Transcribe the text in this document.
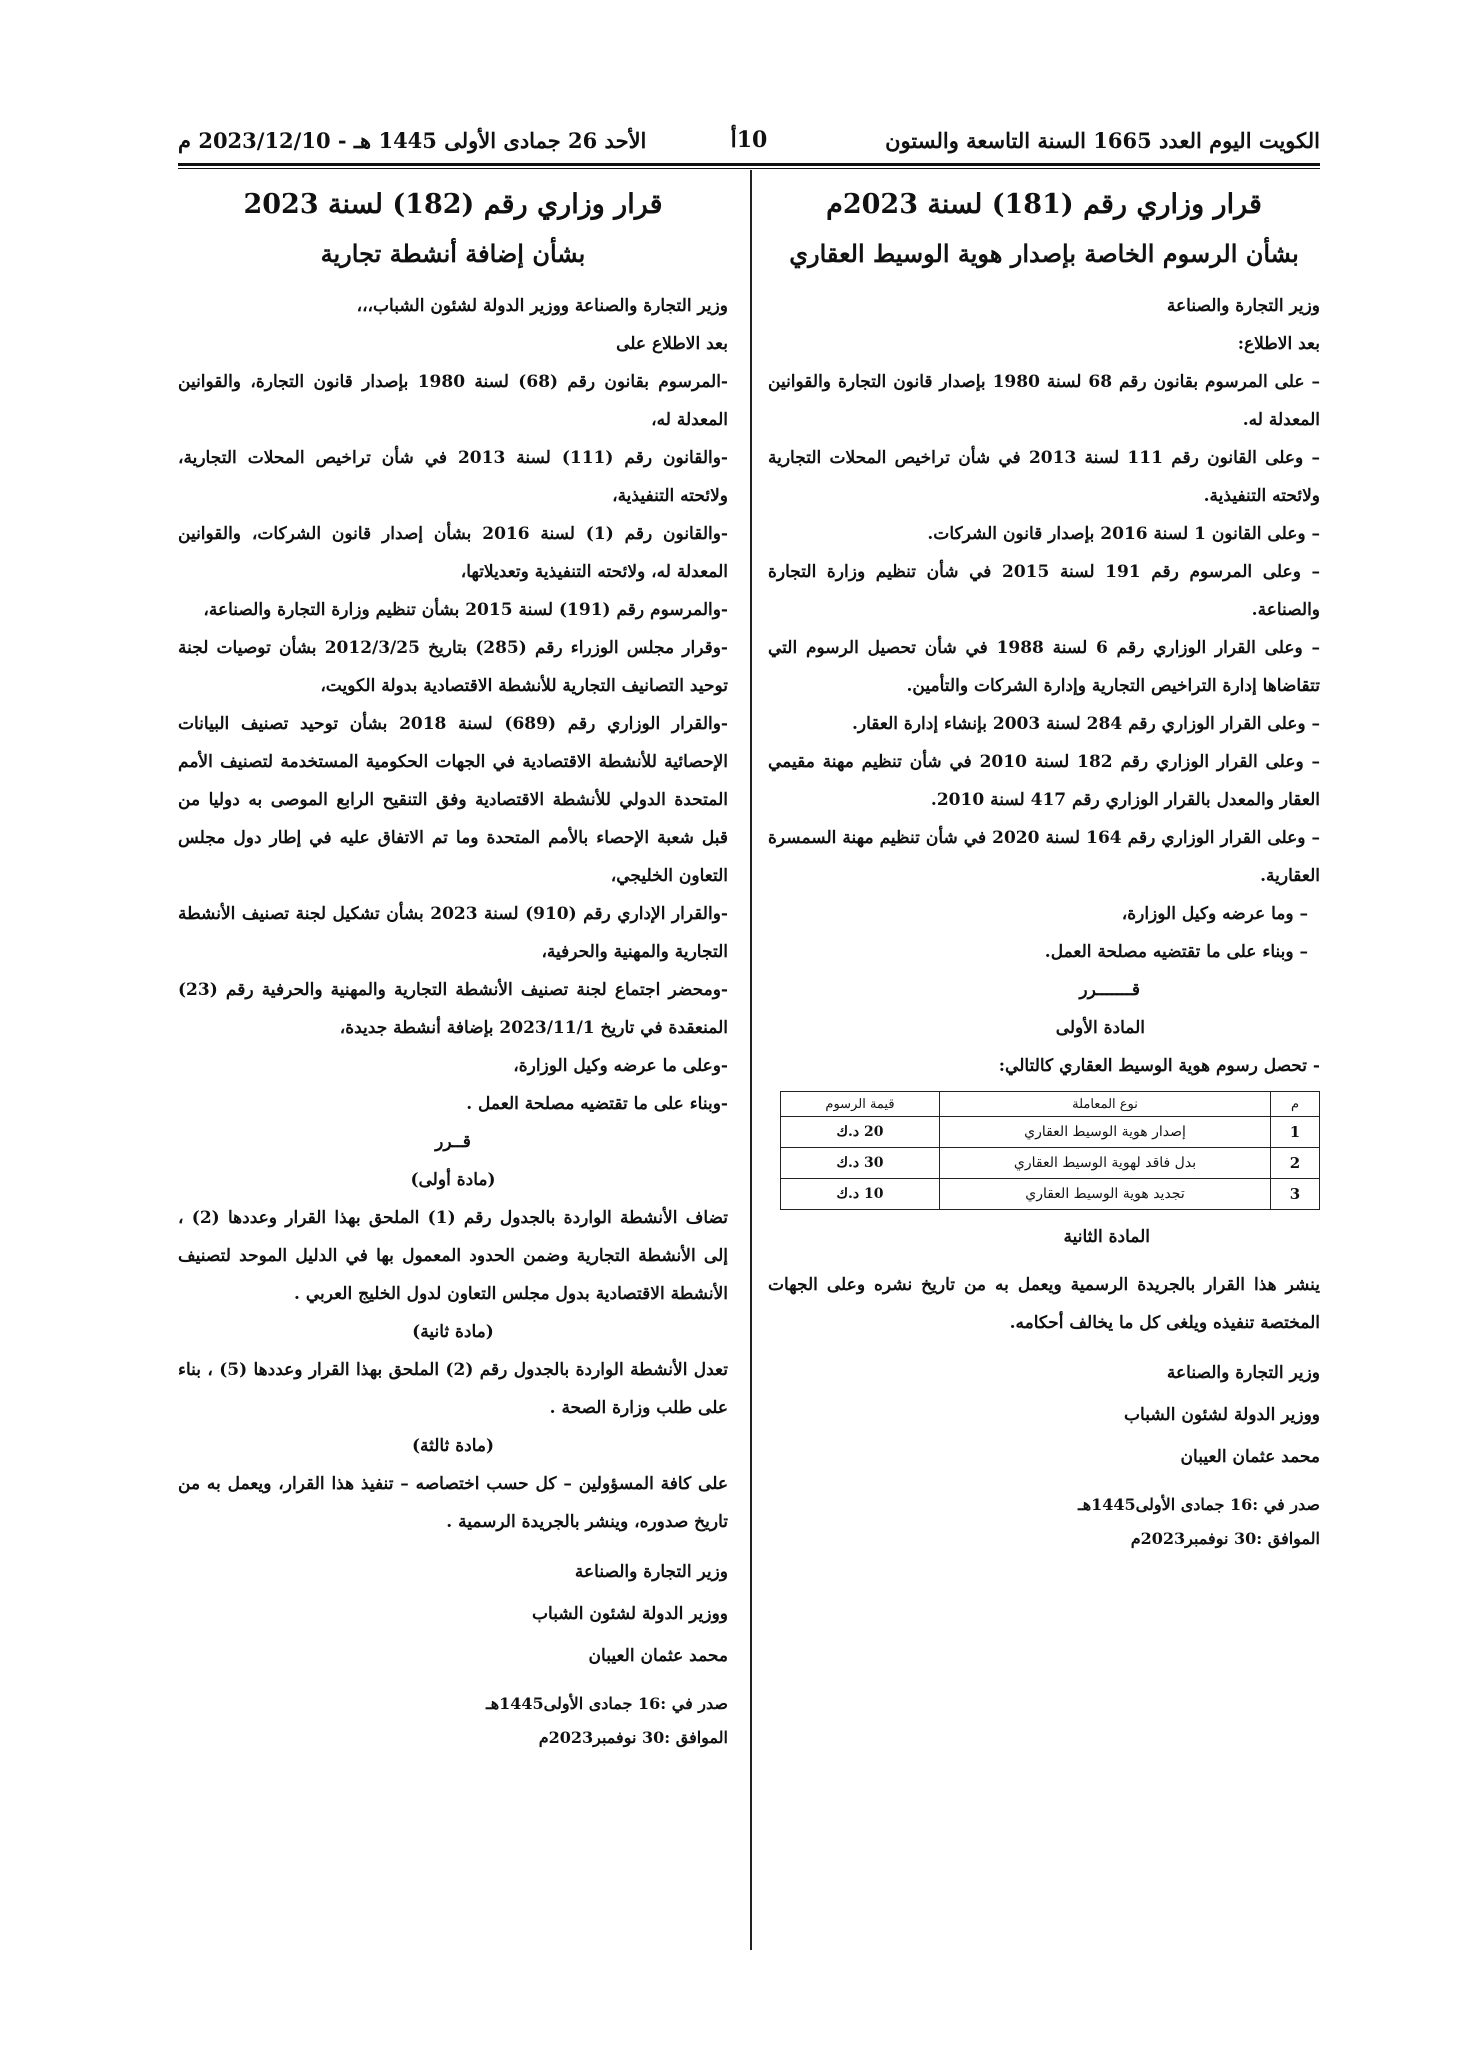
الكويت اليوم العدد 1665 السنة التاسعة والستون
10أ
الأحد 26 جمادى الأولى 1445 هـ - 2023/12/10 م
قرار وزاري رقم (181) لسنة 2023م
بشأن الرسوم الخاصة بإصدار هوية الوسيط العقاري

وزير التجارة والصناعة

بعد الاطلاع:

– على المرسوم بقانون رقم 68 لسنة 1980 بإصدار قانون التجارة والقوانين المعدلة له.

– وعلى القانون رقم 111 لسنة 2013 في شأن تراخيص المحلات التجارية ولائحته التنفيذية.

– وعلى القانون 1 لسنة 2016 بإصدار قانون الشركات.

– وعلى المرسوم رقم 191 لسنة 2015 في شأن تنظيم وزارة التجارة والصناعة.

– وعلى القرار الوزاري رقم 6 لسنة 1988 في شأن تحصيل الرسوم التي تتقاضاها إدارة التراخيص التجارية وإدارة الشركات والتأمين.

– وعلى القرار الوزاري رقم 284 لسنة 2003 بإنشاء إدارة العقار.

– وعلى القرار الوزاري رقم 182 لسنة 2010 في شأن تنظيم مهنة مقيمي العقار والمعدل بالقرار الوزاري رقم 417 لسنة 2010.

– وعلى القرار الوزاري رقم 164 لسنة 2020 في شأن تنظيم مهنة السمسرة العقارية.

– وما عرضه وكيل الوزارة،

– وبناء على ما تقتضيه مصلحة العمل.

قـــــــرر

المادة الأولى

- تحصل رسوم هوية الوسيط العقاري كالتالي:

م	نوع المعاملة	قيمة الرسوم
1	إصدار هوية الوسيط العقاري	20 د.ك
2	بدل فاقد لهوية الوسيط العقاري	30 د.ك
3	تجديد هوية الوسيط العقاري	10 د.ك

المادة الثانية

ينشر هذا القرار بالجريدة الرسمية ويعمل به من تاريخ نشره وعلى الجهات المختصة تنفيذه ويلغى كل ما يخالف أحكامه.

وزير التجارة والصناعة

ووزير الدولة لشئون الشباب

محمد عثمان العيبان

صدر في :16 جمادى الأولى1445هـ

الموافق :30 نوفمبر2023م

قرار وزاري رقم (182) لسنة 2023
بشأن إضافة أنشطة تجارية

وزير التجارة والصناعة ووزير الدولة لشئون الشباب،،،

بعد الاطلاع على

-المرسوم بقانون رقم (68) لسنة 1980 بإصدار قانون التجارة، والقوانين المعدلة له،

-والقانون رقم (111) لسنة 2013 في شأن تراخيص المحلات التجارية، ولائحته التنفيذية،

-والقانون رقم (1) لسنة 2016 بشأن إصدار قانون الشركات، والقوانين المعدلة له، ولائحته التنفيذية وتعديلاتها،

-والمرسوم رقم (191) لسنة 2015 بشأن تنظيم وزارة التجارة والصناعة،

-وقرار مجلس الوزراء رقم (285) بتاريخ 2012/3/25 بشأن توصيات لجنة توحيد التصانيف التجارية للأنشطة الاقتصادية بدولة الكويت،

-والقرار الوزاري رقم (689) لسنة 2018 بشأن توحيد تصنيف البيانات الإحصائية للأنشطة الاقتصادية في الجهات الحكومية المستخدمة لتصنيف الأمم المتحدة الدولي للأنشطة الاقتصادية وفق التنقيح الرابع الموصى به دوليا من قبل شعبة الإحصاء بالأمم المتحدة وما تم الاتفاق عليه في إطار دول مجلس التعاون الخليجي،

-والقرار الإداري رقم (910) لسنة 2023 بشأن تشكيل لجنة تصنيف الأنشطة التجارية والمهنية والحرفية،

-ومحضر اجتماع لجنة تصنيف الأنشطة التجارية والمهنية والحرفية رقم (23) المنعقدة في تاريخ 2023/11/1 بإضافة أنشطة جديدة،

-وعلى ما عرضه وكيل الوزارة،

-وبناء على ما تقتضيه مصلحة العمل .

قــرر

(مادة أولى)

تضاف الأنشطة الواردة بالجدول رقم (1) الملحق بهذا القرار وعددها (2) ، إلى الأنشطة التجارية وضمن الحدود المعمول بها في الدليل الموحد لتصنيف الأنشطة الاقتصادية بدول مجلس التعاون لدول الخليج العربي .

(مادة ثانية)

تعدل الأنشطة الواردة بالجدول رقم (2) الملحق بهذا القرار وعددها (5) ، بناء على طلب وزارة الصحة .

(مادة ثالثة)

على كافة المسؤولين – كل حسب اختصاصه – تنفيذ هذا القرار، ويعمل به من تاريخ صدوره، وينشر بالجريدة الرسمية .

وزير التجارة والصناعة

ووزير الدولة لشئون الشباب

محمد عثمان العيبان

صدر في :16 جمادى الأولى1445هـ

الموافق :30 نوفمبر2023م
